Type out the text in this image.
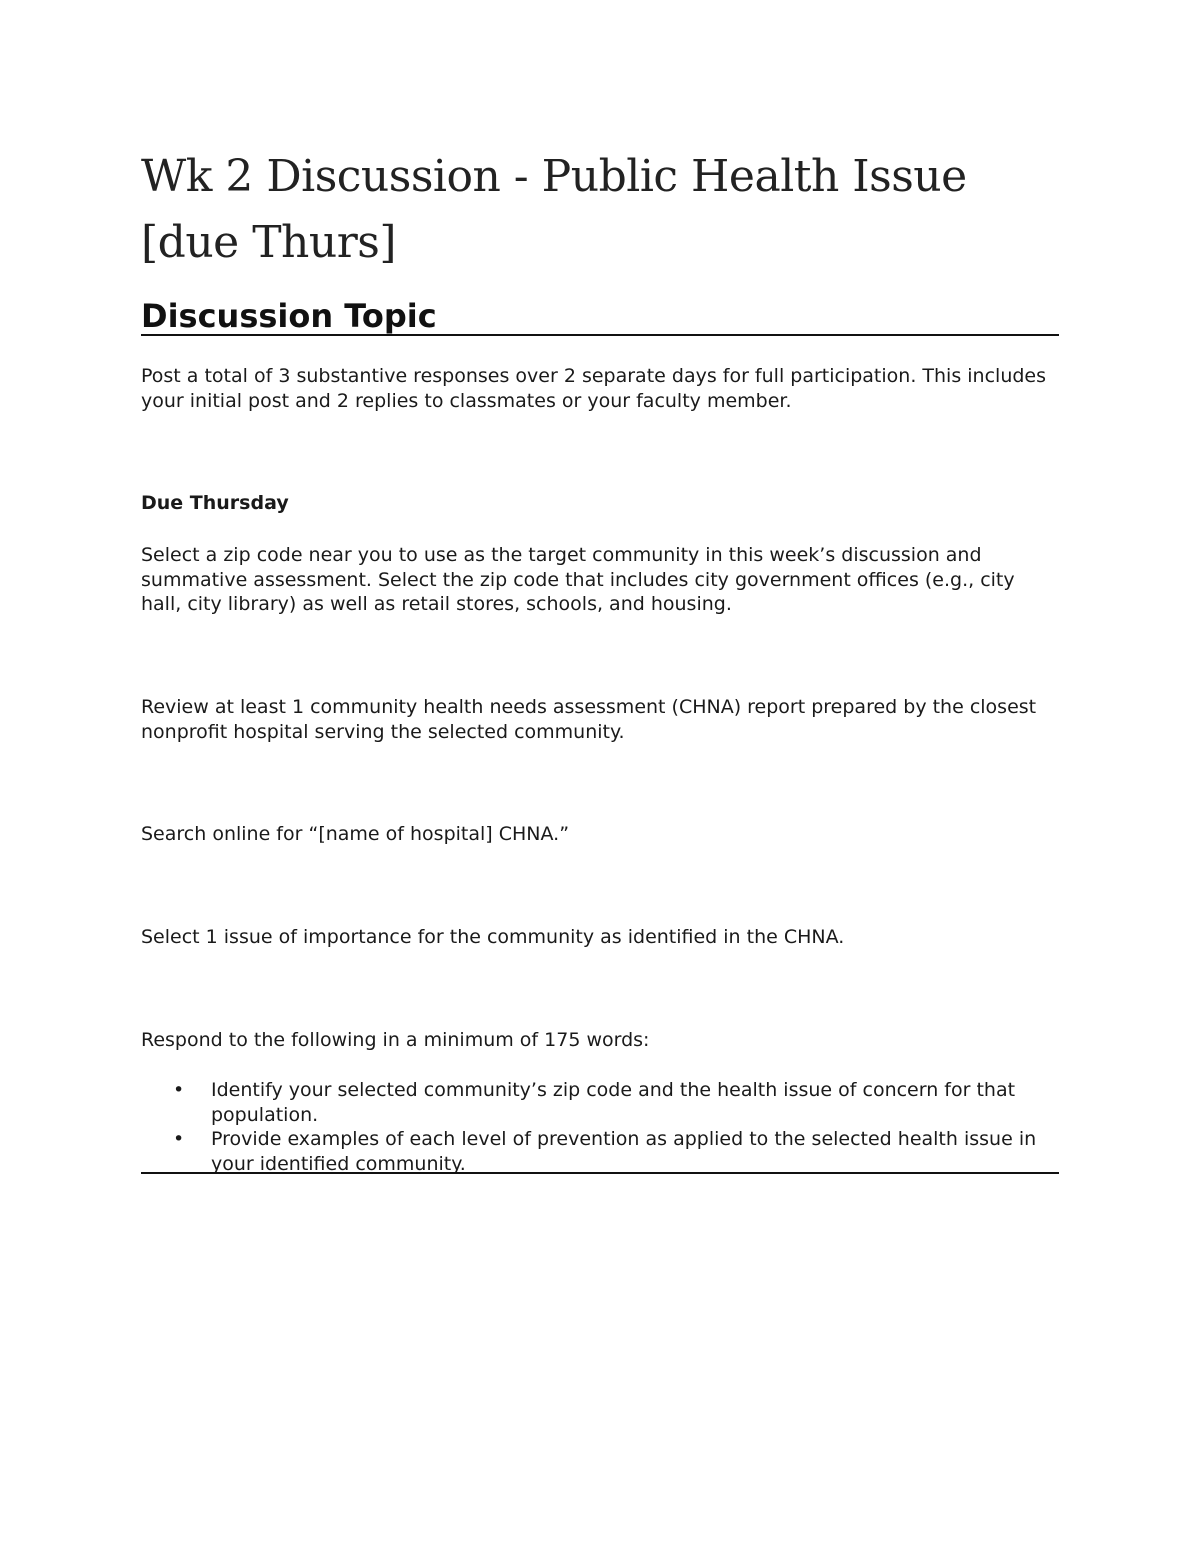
Wk 2 Discussion - Public Health Issue [due Thurs]
Discussion Topic

Post a total of 3 substantive responses over 2 separate days for full participation. This includes your initial post and 2 replies to classmates or your faculty member.

Due Thursday

Select a zip code near you to use as the target community in this week’s discussion and summative assessment. Select the zip code that includes city government offices (e.g., city hall, city library) as well as retail stores, schools, and housing.

Review at least 1 community health needs assessment (CHNA) report prepared by the closest nonprofit hospital serving the selected community.

Search online for “[name of hospital] CHNA.”

Select 1 issue of importance for the community as identified in the CHNA.

Respond to the following in a minimum of 175 words:

• Identify your selected community’s zip code and the health issue of concern for that population.
• Provide examples of each level of prevention as applied to the selected health issue in your identified community.
